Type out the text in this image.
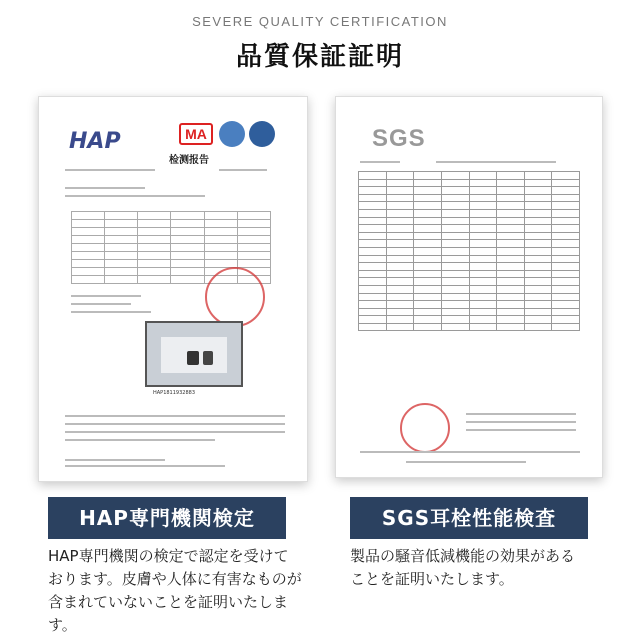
SEVERE QUALITY CERTIFICATION
品質保証証明
HAP	MA
检测报告

HAP1811932883
SGS

HAP専門機関検定	SGS耳栓性能検査
HAP専門機関の検定で認定を受けて
おります。皮膚や人体に有害なものが
含まれていないことを証明いたします。
製品の騒音低減機能の効果がある
ことを証明いたします。
